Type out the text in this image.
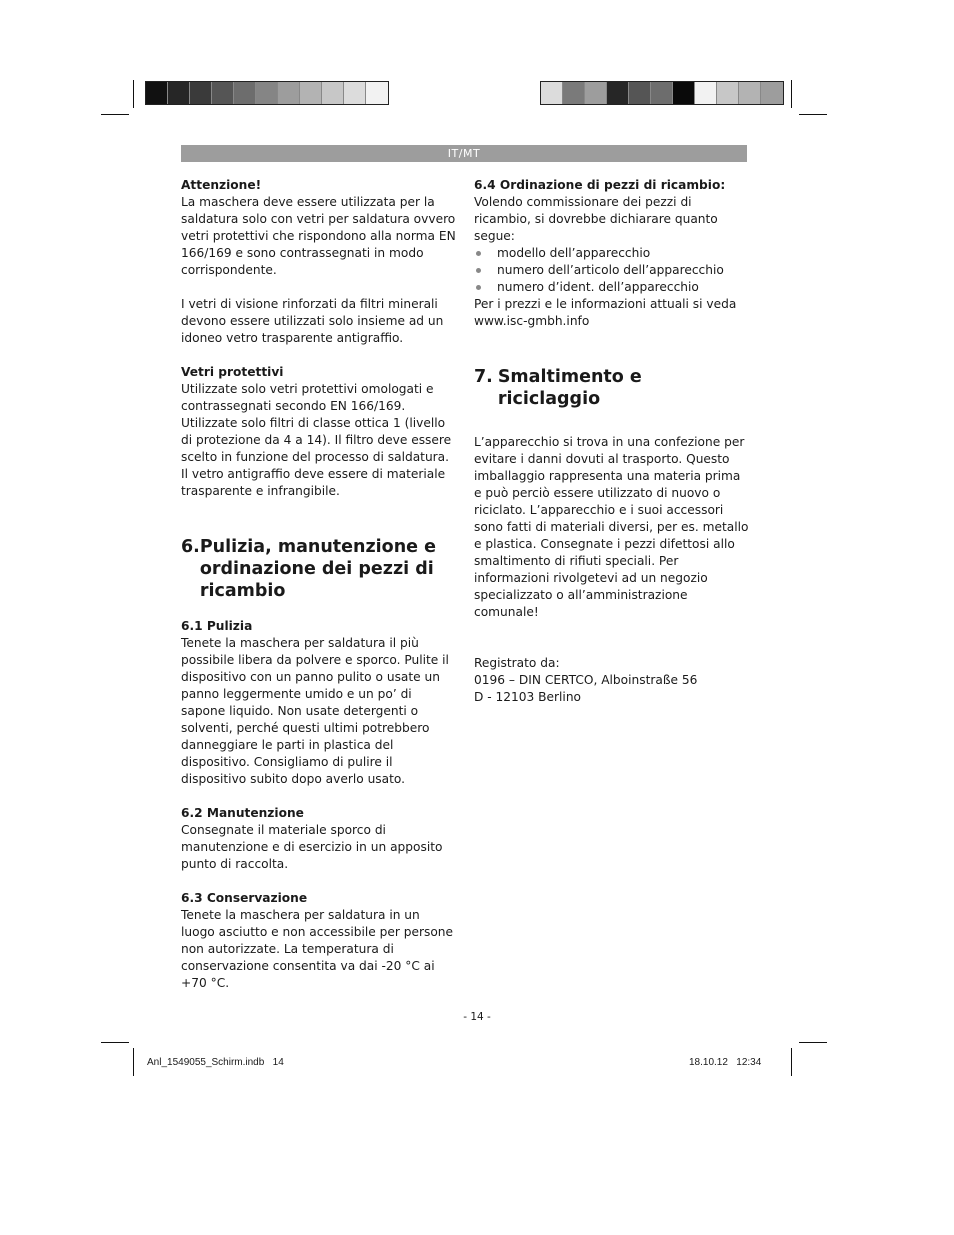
IT/MT

Attenzione!

La maschera deve essere utilizzata per la saldatura solo con vetri per saldatura ovvero vetri protettivi che rispondono alla norma EN 166/169 e sono contrassegnati in modo corrispondente.

I vetri di visione rinforzati da filtri minerali devono essere utilizzati solo insieme ad un idoneo vetro trasparente antigraffio.

Vetri protettivi

Utilizzate solo vetri protettivi omologati e contrassegnati secondo EN 166/169. Utilizzate solo filtri di classe ottica 1 (livello di protezione da 4 a 14). Il filtro deve essere scelto in funzione del processo di saldatura. Il vetro antigraffio deve essere di materiale trasparente e infrangibile.

6. Pulizia, manutenzione e ordinazione dei pezzi di ricambio

6.1 Pulizia

Tenete la maschera per saldatura il più possibile libera da polvere e sporco. Pulite il dispositivo con un panno pulito o usate un panno leggermente umido e un po’ di sapone liquido. Non usate detergenti o solventi, perché questi ultimi potrebbero danneggiare le parti in plastica del dispositivo. Consigliamo di pulire il dispositivo subito dopo averlo usato.

6.2 Manutenzione

Consegnate il materiale sporco di manutenzione e di esercizio in un apposito punto di raccolta.

6.3 Conservazione

Tenete la maschera per saldatura in un luogo asciutto e non accessibile per persone non autorizzate. La temperatura di conservazione consentita va dai -20 °C ai +70 °C.

6.4 Ordinazione di pezzi di ricambio:

Volendo commissionare dei pezzi di ricambio, si dovrebbe dichiarare quanto segue:

modello dell’apparecchio
numero dell’articolo dell’apparecchio
numero d’ident. dell’apparecchio

Per i prezzi e le informazioni attuali si veda www.isc-gmbh.info

7. Smaltimento e riciclaggio

L’apparecchio si trova in una confezione per evitare i danni dovuti al trasporto. Questo imballaggio rappresenta una materia prima e può perciò essere utilizzato di nuovo o riciclato. L’apparecchio e i suoi accessori sono fatti di materiali diversi, per es. metallo e plastica. Consegnate i pezzi difettosi allo smaltimento di rifiuti speciali. Per informazioni rivolgetevi ad un negozio specializzato o all’amministrazione comunale!

Registrato da:

0196 – DIN CERTCO, Alboinstraße 56

D - 12103 Berlino

- 14 -
Anl_1549055_Schirm.indb   14	18.10.12   12:34
